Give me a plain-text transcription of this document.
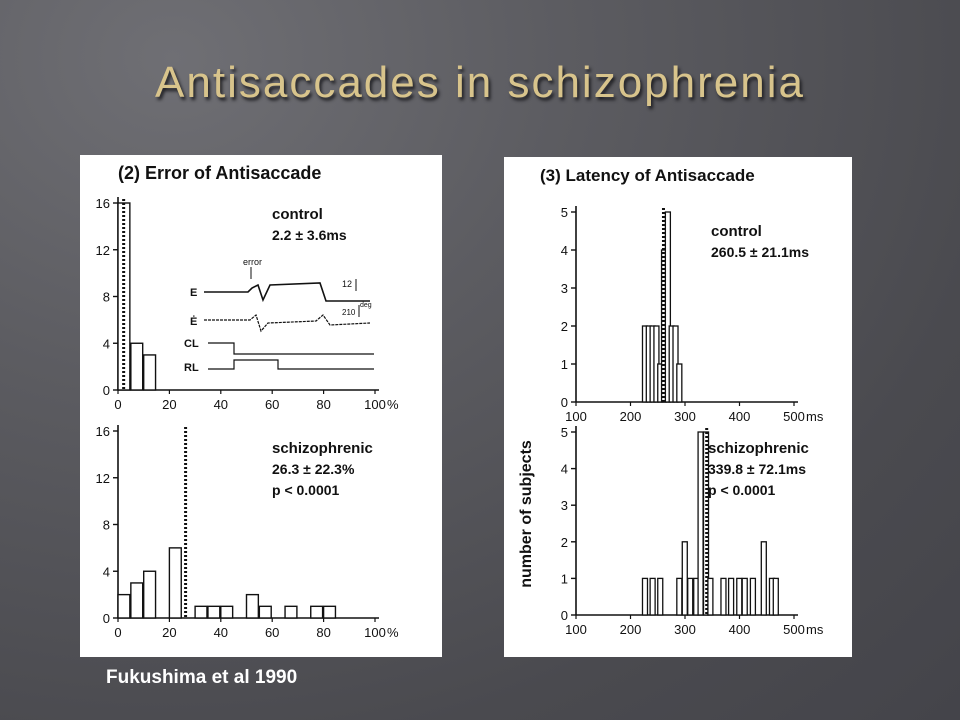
Antisaccades in schizophrenia
(2) Error of Antisaccade
0
4
8
12
16
0	20	40	60	80	100 %
control
2.2 ± 3.6ms
0
4
8
12
16
0	20	40	60	80	100 %
schizophrenic
26.3 ± 22.3%
p < 0.0001
E
Ė
CL
RL
error
12
210
deg
(3) Latency of Antisaccade
number of subjects
0
1
2
3
4
5
100	200	300	400	500 ms
control
260.5 ± 21.1ms
0
1
2
3
4
5
100	200	300	400	500 ms
schizophrenic
339.8 ± 72.1ms
p < 0.0001
Fukushima et al 1990
